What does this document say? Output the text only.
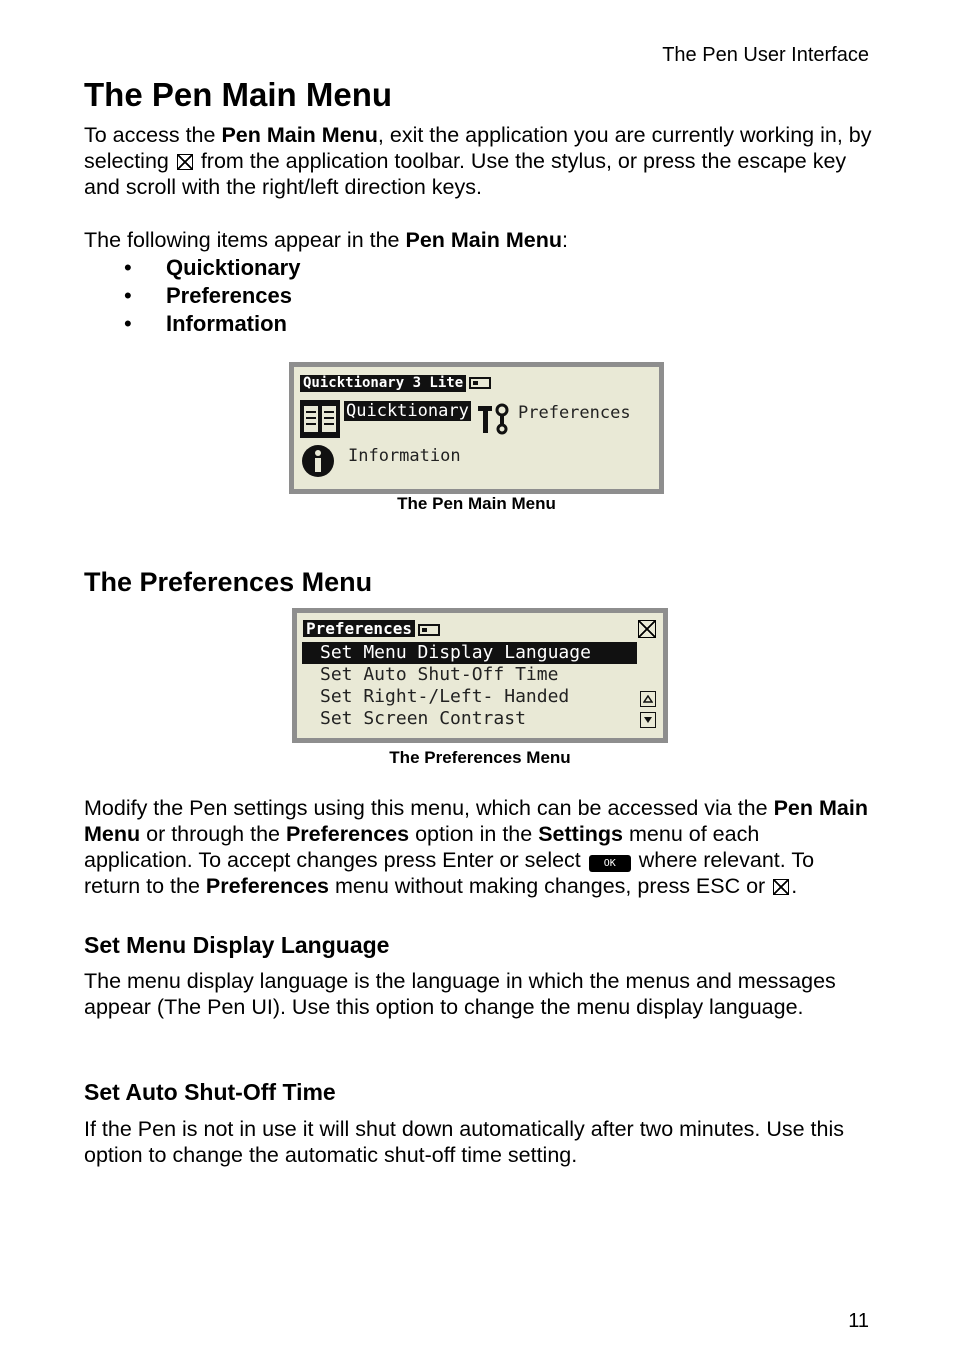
The Pen User Interface
The Pen Main Menu

To access the Pen Main Menu, exit the application you are currently working in, by selecting  from the application toolbar. Use the stylus, or press the escape key and scroll with the right/left direction keys.

The following items appear in the Pen Main Menu:

• Quicktionary
• Preferences
• Information
Quicktionary 3 Lite
Quicktionary	Preferences
Information
The Pen Main Menu
The Preferences Menu
Preferences
Set Menu Display Language
Set Auto Shut-Off Time
Set Right-/Left- Handed
Set Screen Contrast
The Preferences Menu

Modify the Pen settings using this menu, which can be accessed via the Pen Main Menu or through the Preferences option in the Settings menu of each application. To accept changes press Enter or select OK where relevant. To return to the Preferences menu without making changes, press ESC or .

Set Menu Display Language

The menu display language is the language in which the menus and messages appear (The Pen UI). Use this option to change the menu display language.

Set Auto Shut-Off Time

If the Pen is not in use it will shut down automatically after two minutes. Use this option to change the automatic shut-off time setting.

11
